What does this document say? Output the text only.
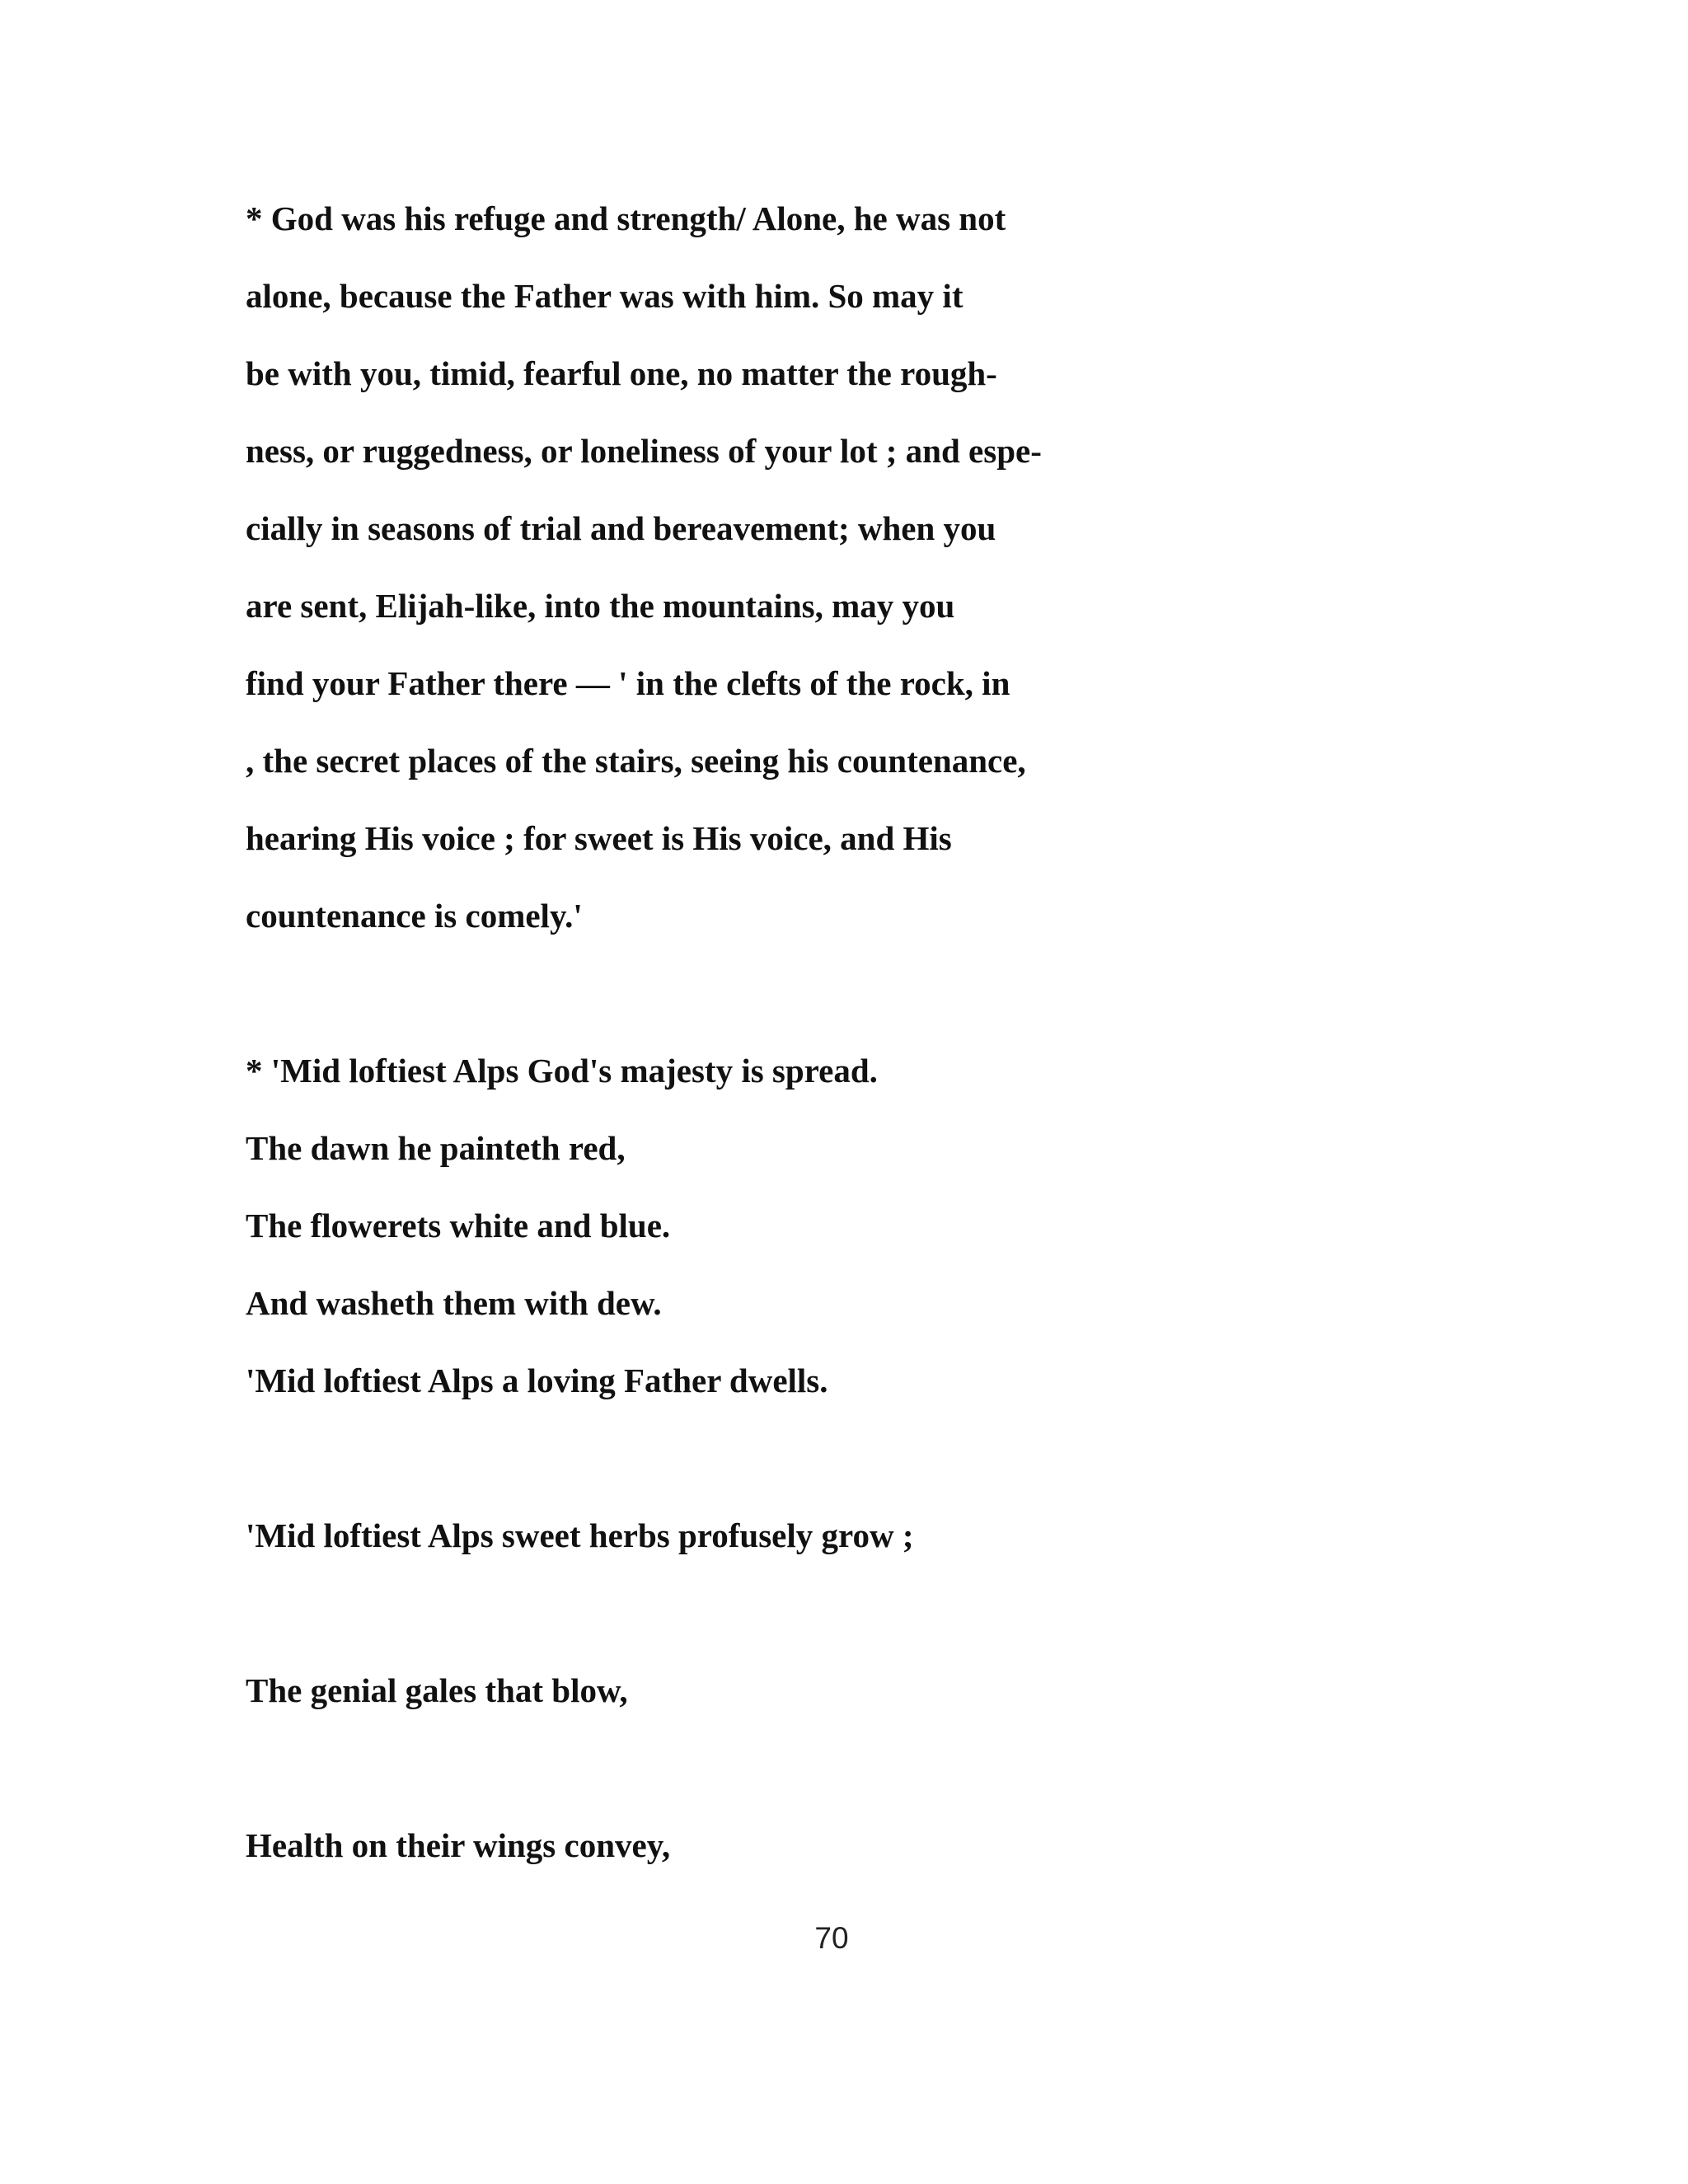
* God was his refuge and strength/ Alone, he was not
alone, because the Father was with him. So may it
be with you, timid, fearful one, no matter the rough-
ness, or ruggedness, or loneliness of your lot ; and espe-
cially in seasons of trial and bereavement; when you
are sent, Elijah-like, into the mountains, may you
find your Father there — ' in the clefts of the rock, in
, the secret places of the stairs, seeing his countenance,
hearing His voice ; for sweet is His voice, and His
countenance is comely.'
* 'Mid loftiest Alps God's majesty is spread.
The dawn he painteth red,
The flowerets white and blue.
And washeth them with dew.
'Mid loftiest Alps a loving Father dwells.
'Mid loftiest Alps sweet herbs profusely grow ;
The genial gales that blow,
Health on their wings convey,
70
